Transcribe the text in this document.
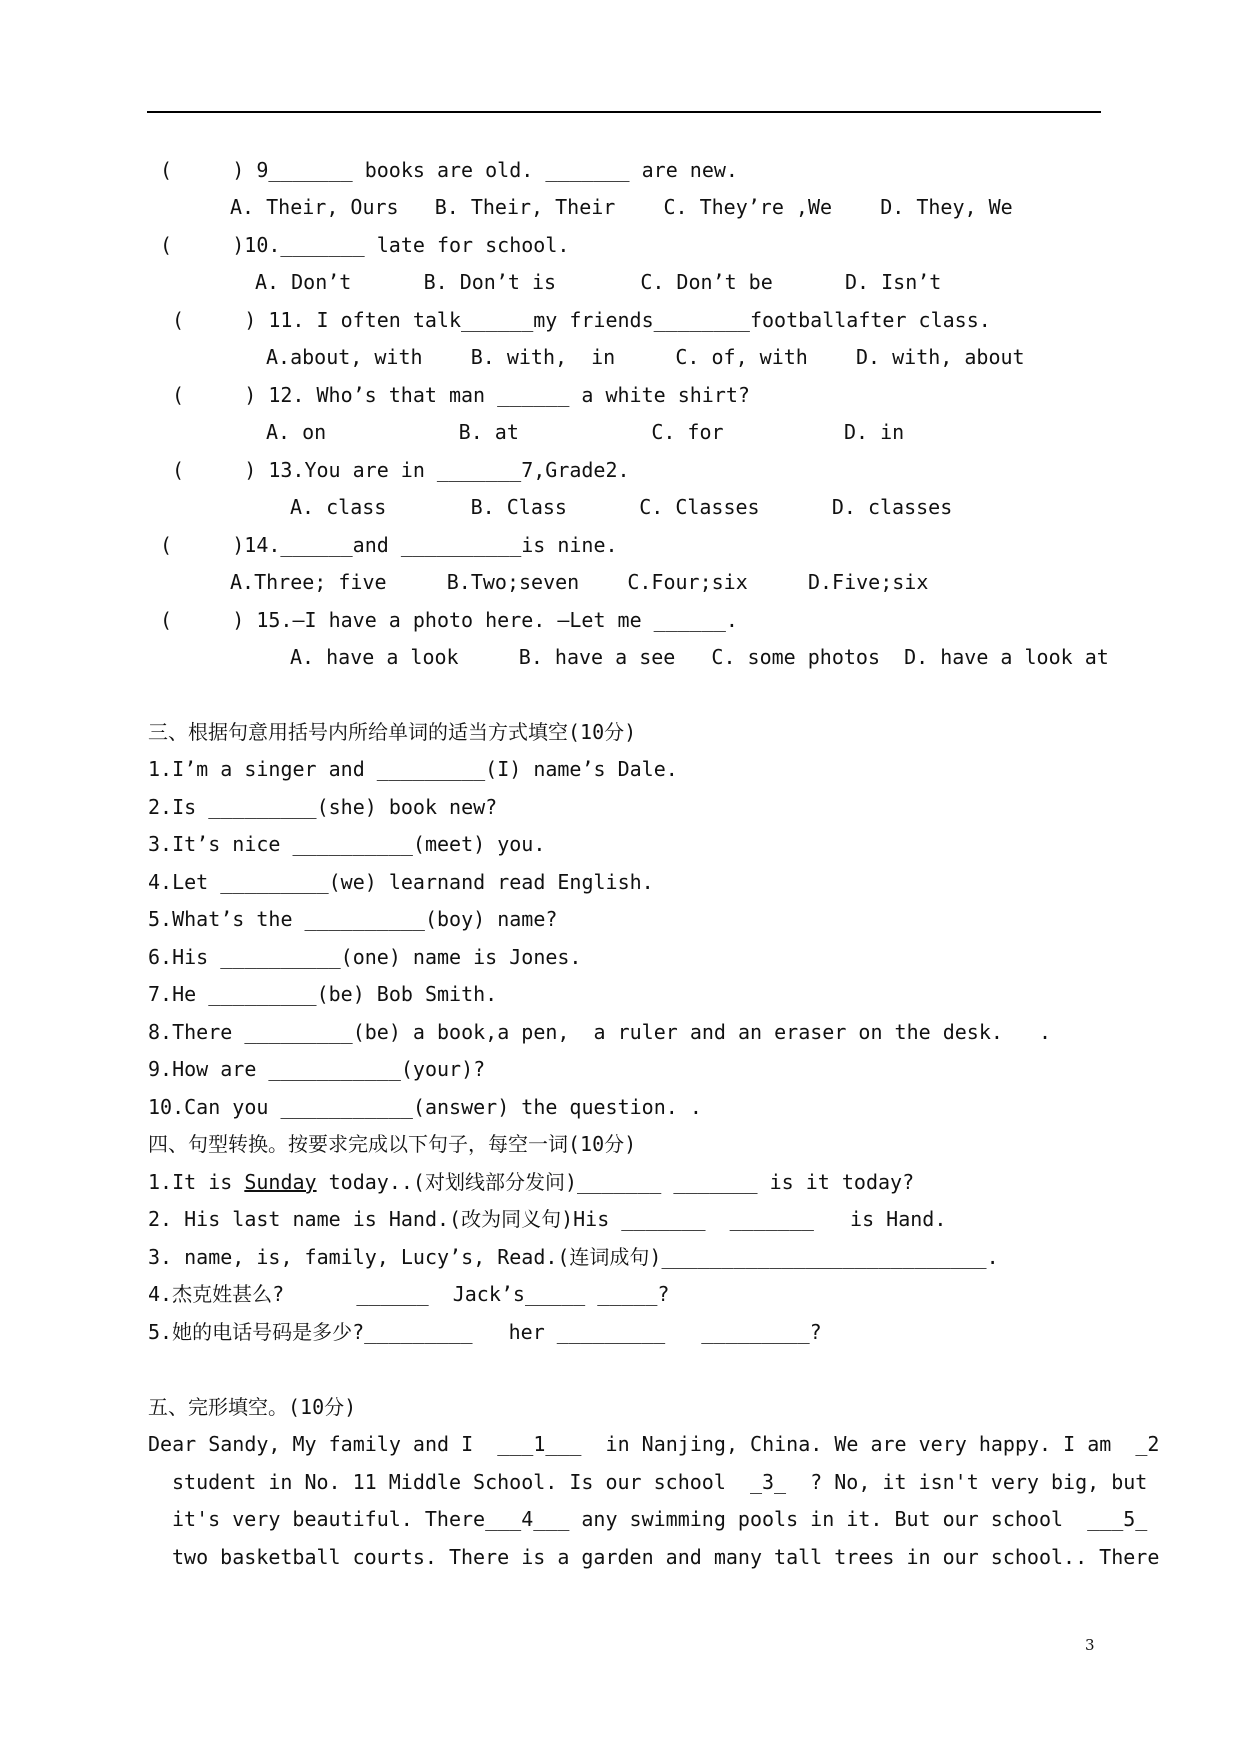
(     ) 9_______ books are old. _______ are new.
A. Their, Ours   B. Their, Their    C. They’re ,We    D. They, We
(     )10._______ late for school.
A. Don’t      B. Don’t is       C. Don’t be      D. Isn’t
(     ) 11. I often talk______my friends________footballafter class.
A.about, with    B. with,  in     C. of, with    D. with, about
(     ) 12. Who’s that man ______ a white shirt?
A. on           B. at           C. for          D. in
(     ) 13.You are in _______7,Grade2.
A. class       B. Class      C. Classes      D. classes
(     )14.______and __________is nine.
A.Three; five     B.Two;seven    C.Four;six     D.Five;six
(     ) 15.—I have a photo here. —Let me ______.
A. have a look     B. have a see   C. some photos  D. have a look at
三、根据句意用括号内所给单词的适当方式填空(10分)
1.I’m a singer and _________(I) name’s Dale.
2.Is _________(she) book new?
3.It’s nice __________(meet) you.
4.Let _________(we) learnand read English.
5.What’s the __________(boy) name?
6.His __________(one) name is Jones.
7.He _________(be) Bob Smith.
8.There _________(be) a book,a pen,  a ruler and an eraser on the desk.   .
9.How are ___________(your)?
10.Can you ___________(answer) the question. .
四、句型转换。按要求完成以下句子，每空一词(10分)
1.It is Sunday today..(对划线部分发问)_______ _______ is it today?
2. His last name is Hand.(改为同义句)His _______  _______   is Hand.
3. name, is, family, Lucy’s, Read.(连词成句)___________________________.
4.杰克姓甚么?      ______  Jack’s_____ _____?
5.她的电话号码是多少?_________   her _________   _________?
五、完形填空。(10分)
Dear Sandy, My family and I  ___1___  in Nanjing, China. We are very happy. I am  _2
student in No. 11 Middle School. Is our school  _3_  ? No, it isn't very big, but
it's very beautiful. There___4___ any swimming pools in it. But our school  ___5_
two basketball courts. There is a garden and many tall trees in our school.. There
3
